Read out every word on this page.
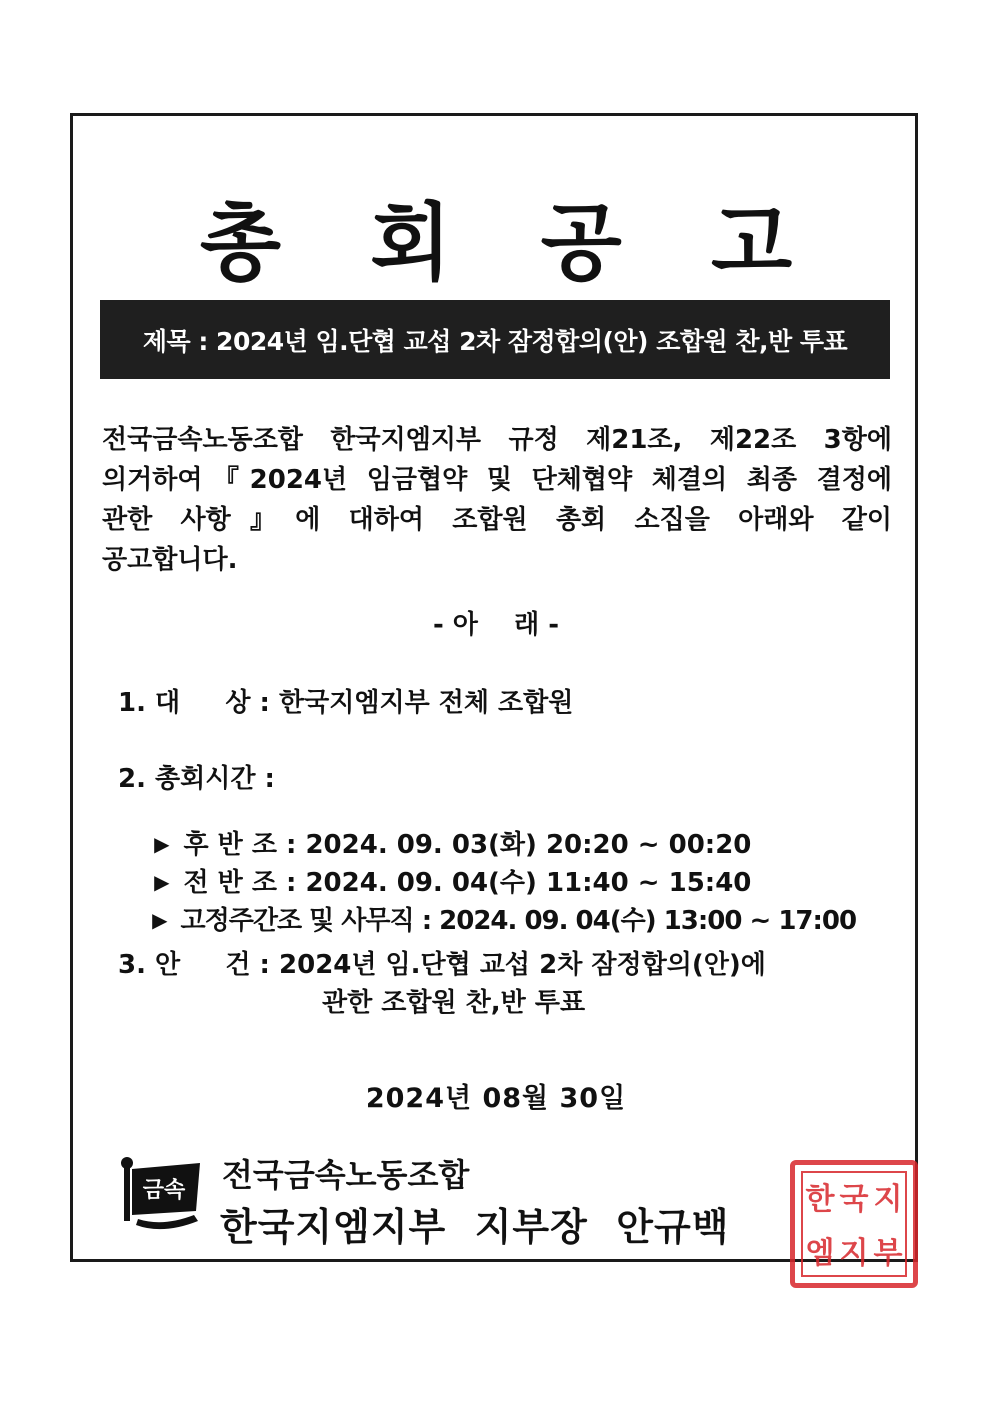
총 회 공 고
제목 : 2024년 임.단협 교섭 2차 잠정합의(안) 조합원 찬,반 투표
전국금속노동조합 한국지엠지부 규정 제21조, 제22조 3항에
의거하여『2024년 임금협약 및 단체협약 체결의 최종 결정에
관한 사항』에 대하여 조합원 총회 소집을 아래와 같이
공고합니다.
- 아    래 -
1. 대     상 : 한국지엠지부 전체 조합원
2. 총회시간 :

▶ 후 반 조 : 2024. 09. 03(화) 20:20 ~ 00:20

▶ 전 반 조 : 2024. 09. 04(수) 11:40 ~ 15:40

▶ 고정주간조 및 사무직 : 2024. 09. 04(수) 13:00 ~ 17:00

3. 안     건 : 2024년 임.단협 교섭 2차 잠정합의(안)에
관한 조합원 찬,반 투표
2024년 08월 30일
금속 전국금속노동조합
한국지엠지부  지부장  안규백
한 국 지
엠 지 부
